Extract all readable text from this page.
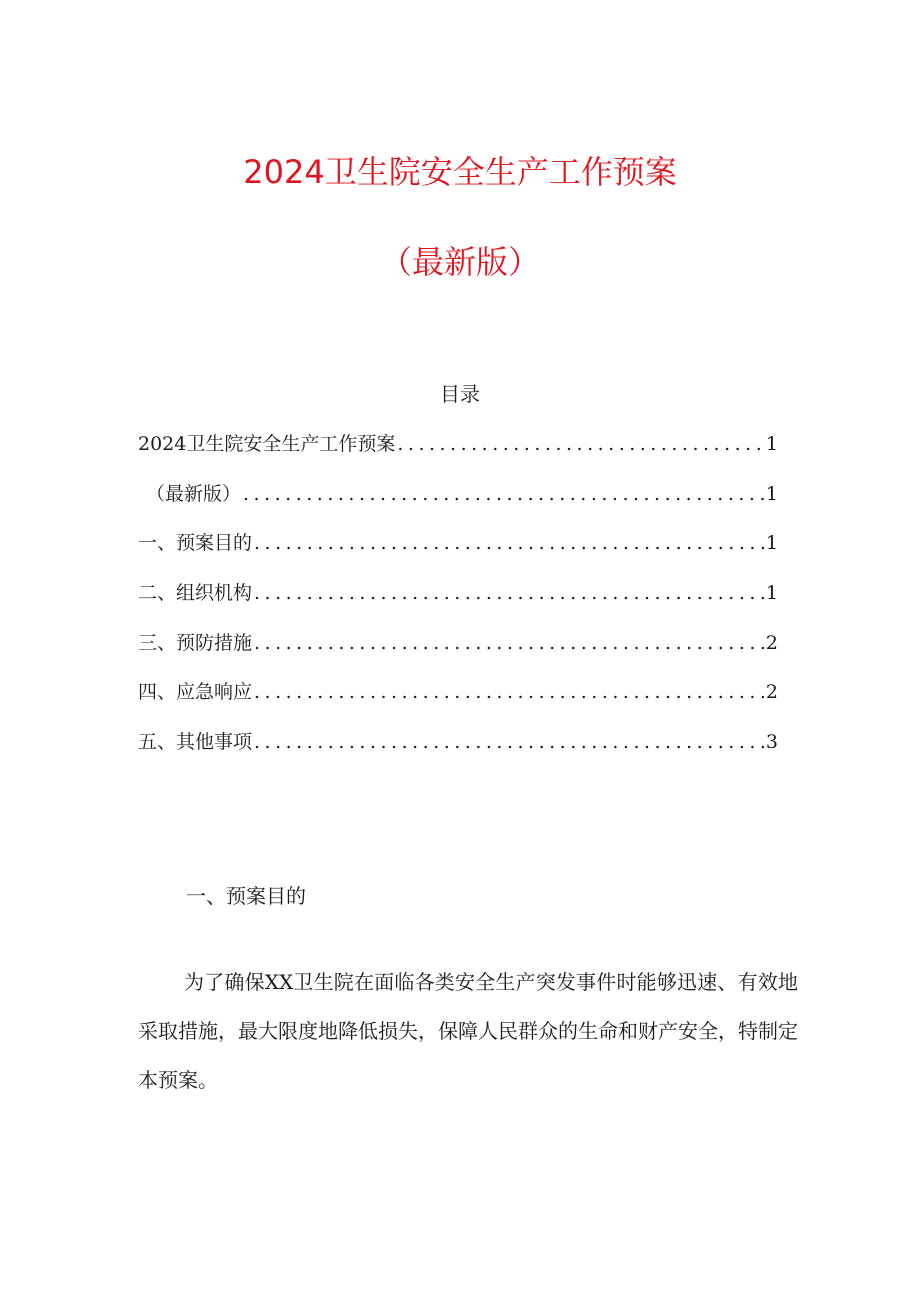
2024卫生院安全生产工作预案
（最新版）
目录
2024卫生院安全生产工作预案 .....	1
（最新版） .....	1
一、预案目的 .....	1
二、组织机构 .....	1
三、预防措施 .....	2
四、应急响应 .....	2
五、其他事项 .....	3
一、预案目的

为了确保XX卫生院在面临各类安全生产突发事件时能够迅速、有效地采取措施，最大限度地降低损失，保障人民群众的生命和财产安全，特制定本预案。
